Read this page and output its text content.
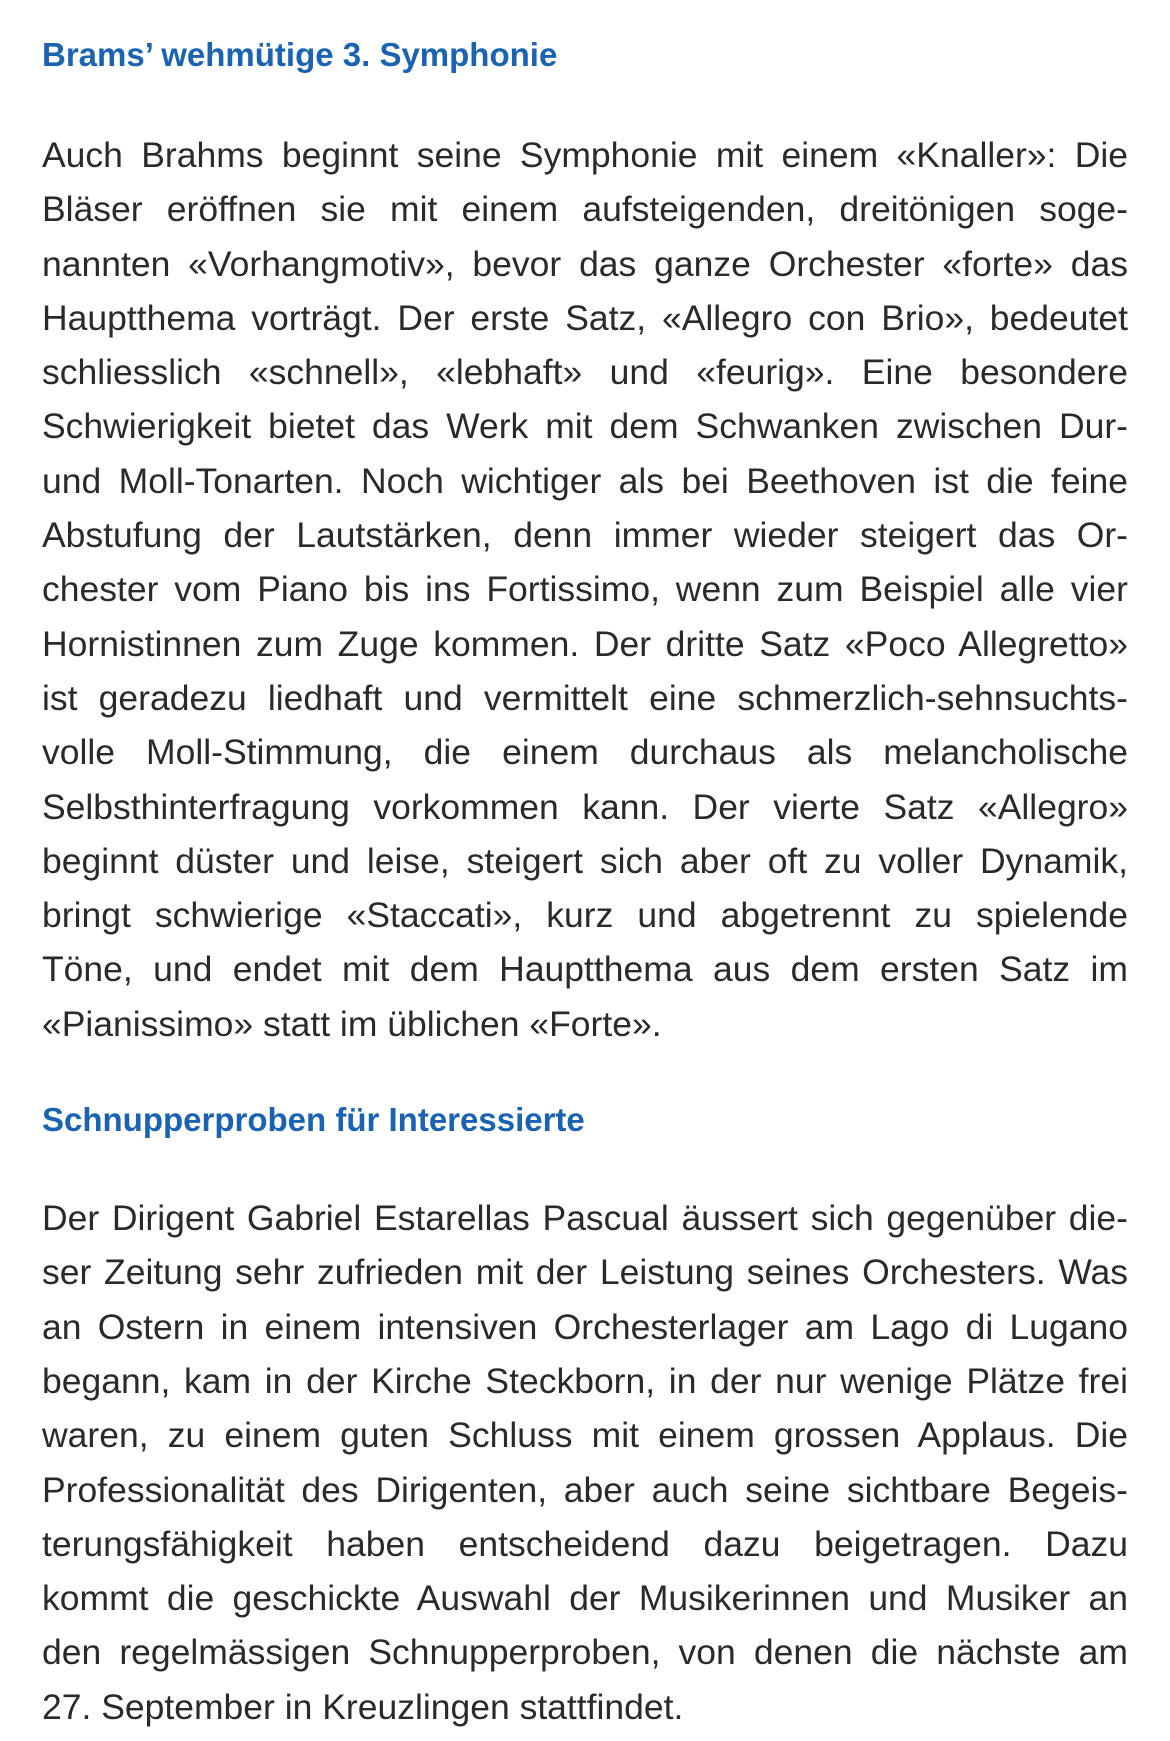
Brams’ wehmütige 3. Symphonie
Auch Brahms beginnt seine Symphonie mit einem «Knaller»: Die
Bläser eröffnen sie mit einem aufsteigenden, dreitönigen soge-
nannten «Vorhangmotiv», bevor das ganze Orchester «forte» das
Hauptthema vorträgt. Der erste Satz, «Allegro con Brio», bedeutet
schliesslich «schnell», «lebhaft» und «feurig». Eine besondere
Schwierigkeit bietet das Werk mit dem Schwanken zwischen Dur-
und Moll-Tonarten. Noch wichtiger als bei Beethoven ist die feine
Abstufung der Lautstärken, denn immer wieder steigert das Or-
chester vom Piano bis ins Fortissimo, wenn zum Beispiel alle vier
Hornistinnen zum Zuge kommen. Der dritte Satz «Poco Allegretto»
ist geradezu liedhaft und vermittelt eine schmerzlich-sehnsuchts-
volle Moll-Stimmung, die einem durchaus als melancholische
Selbsthinterfragung vorkommen kann. Der vierte Satz «Allegro»
beginnt düster und leise, steigert sich aber oft zu voller Dynamik,
bringt schwierige «Staccati», kurz und abgetrennt zu spielende
Töne, und endet mit dem Hauptthema aus dem ersten Satz im
«Pianissimo» statt im üblichen «Forte».
Schnupperproben für Interessierte
Der Dirigent Gabriel Estarellas Pascual äussert sich gegenüber die-
ser Zeitung sehr zufrieden mit der Leistung seines Orchesters. Was
an Ostern in einem intensiven Orchesterlager am Lago di Lugano
begann, kam in der Kirche Steckborn, in der nur wenige Plätze frei
waren, zu einem guten Schluss mit einem grossen Applaus. Die
Professionalität des Dirigenten, aber auch seine sichtbare Begeis-
terungsfähigkeit haben entscheidend dazu beigetragen. Dazu
kommt die geschickte Auswahl der Musikerinnen und Musiker an
den regelmässigen Schnupperproben, von denen die nächste am
27. September in Kreuzlingen stattfindet.
